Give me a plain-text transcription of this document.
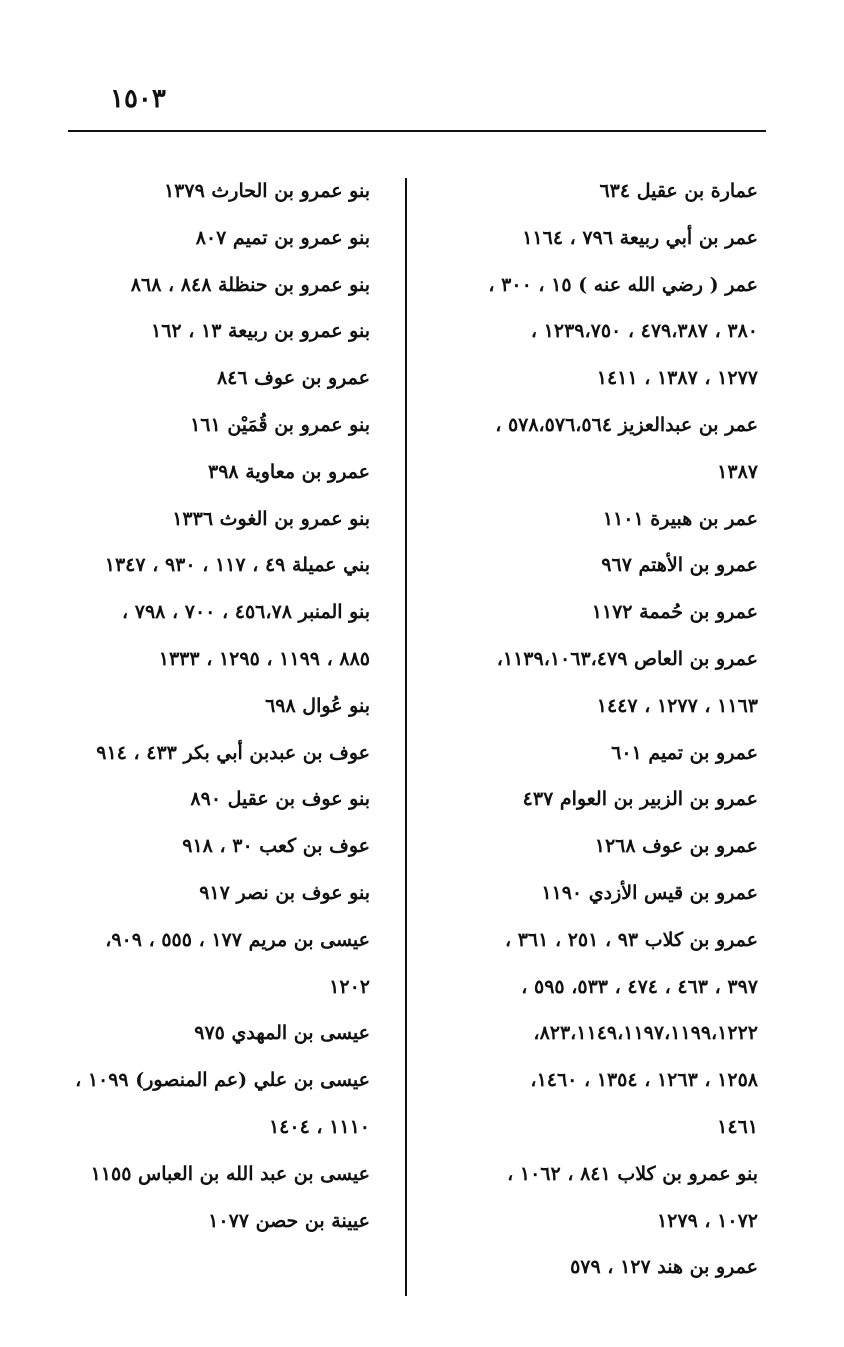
١٥٠٣
عمارة بن عقيل ٦٣٤
عمر بن أبي ربيعة ٧٩٦ ، ١١٦٤
عمر ( رضي الله عنه ) ١٥ ، ٣٠٠ ،
٣٨٠ ، ٤٧٩،٣٨٧ ، ١٢٣٩،٧٥٠ ،
١٢٧٧ ، ١٣٨٧ ، ١٤١١
عمر بن عبدالعزيز ٥٧٨،٥٧٦،٥٦٤ ،
١٣٨٧
عمر بن هبيرة ١١٠١
عمرو بن الأهتم ٩٦٧
عمرو بن حُممة ١١٧٢
عمرو بن العاص ١١٣٩،١٠٦٣،٤٧٩،
١١٦٣ ، ١٢٧٧ ، ١٤٤٧
عمرو بن تميم ٦٠١
عمرو بن الزبير بن العوام ٤٣٧
عمرو بن عوف ١٢٦٨
عمرو بن قيس الأزدي ١١٩٠
عمرو بن كلاب ٩٣ ، ٢٥١ ، ٣٦١ ،
٣٩٧ ، ٤٦٣ ، ٤٧٤ ، ٥٣٣، ٥٩٥ ،
٨٢٣،١١٤٩،١١٩٧،١١٩٩،١٢٢٢،
١٢٥٨ ، ١٢٦٣ ، ١٣٥٤ ، ١٤٦٠،
١٤٦١
بنو عمرو بن كلاب ٨٤١ ، ١٠٦٢ ،
١٠٧٢ ، ١٢٧٩
عمرو بن هند ١٢٧ ، ٥٧٩
بنو عمرو بن الحارث ١٣٧٩
بنو عمرو بن تميم ٨٠٧
بنو عمرو بن حنظلة ٨٤٨ ، ٨٦٨
بنو عمرو بن ربيعة ١٣ ، ١٦٢
عمرو بن عوف ٨٤٦
بنو عمرو بن قُمَيْن ١٦١
عمرو بن معاوية ٣٩٨
بنو عمرو بن الغوث ١٣٣٦
بني عميلة ٤٩ ، ١١٧ ، ٩٣٠ ، ١٣٤٧
بنو المنبر ٤٥٦،٧٨ ، ٧٠٠ ، ٧٩٨ ،
٨٨٥ ، ١١٩٩ ، ١٢٩٥ ، ١٣٣٣
بنو عُوال ٦٩٨
عوف بن عبدبن أبي بكر ٤٣٣ ، ٩١٤
بنو عوف بن عقيل ٨٩٠
عوف بن كعب ٣٠ ، ٩١٨
بنو عوف بن نصر ٩١٧
عيسى بن مريم ١٧٧ ، ٥٥٥ ، ٩٠٩،
١٢٠٢
عيسى بن المهدي ٩٧٥
عيسى بن علي (عم المنصور) ١٠٩٩ ،
١١١٠ ، ١٤٠٤
عيسى بن عبد الله بن العباس ١١٥٥
عيينة بن حصن ١٠٧٧
